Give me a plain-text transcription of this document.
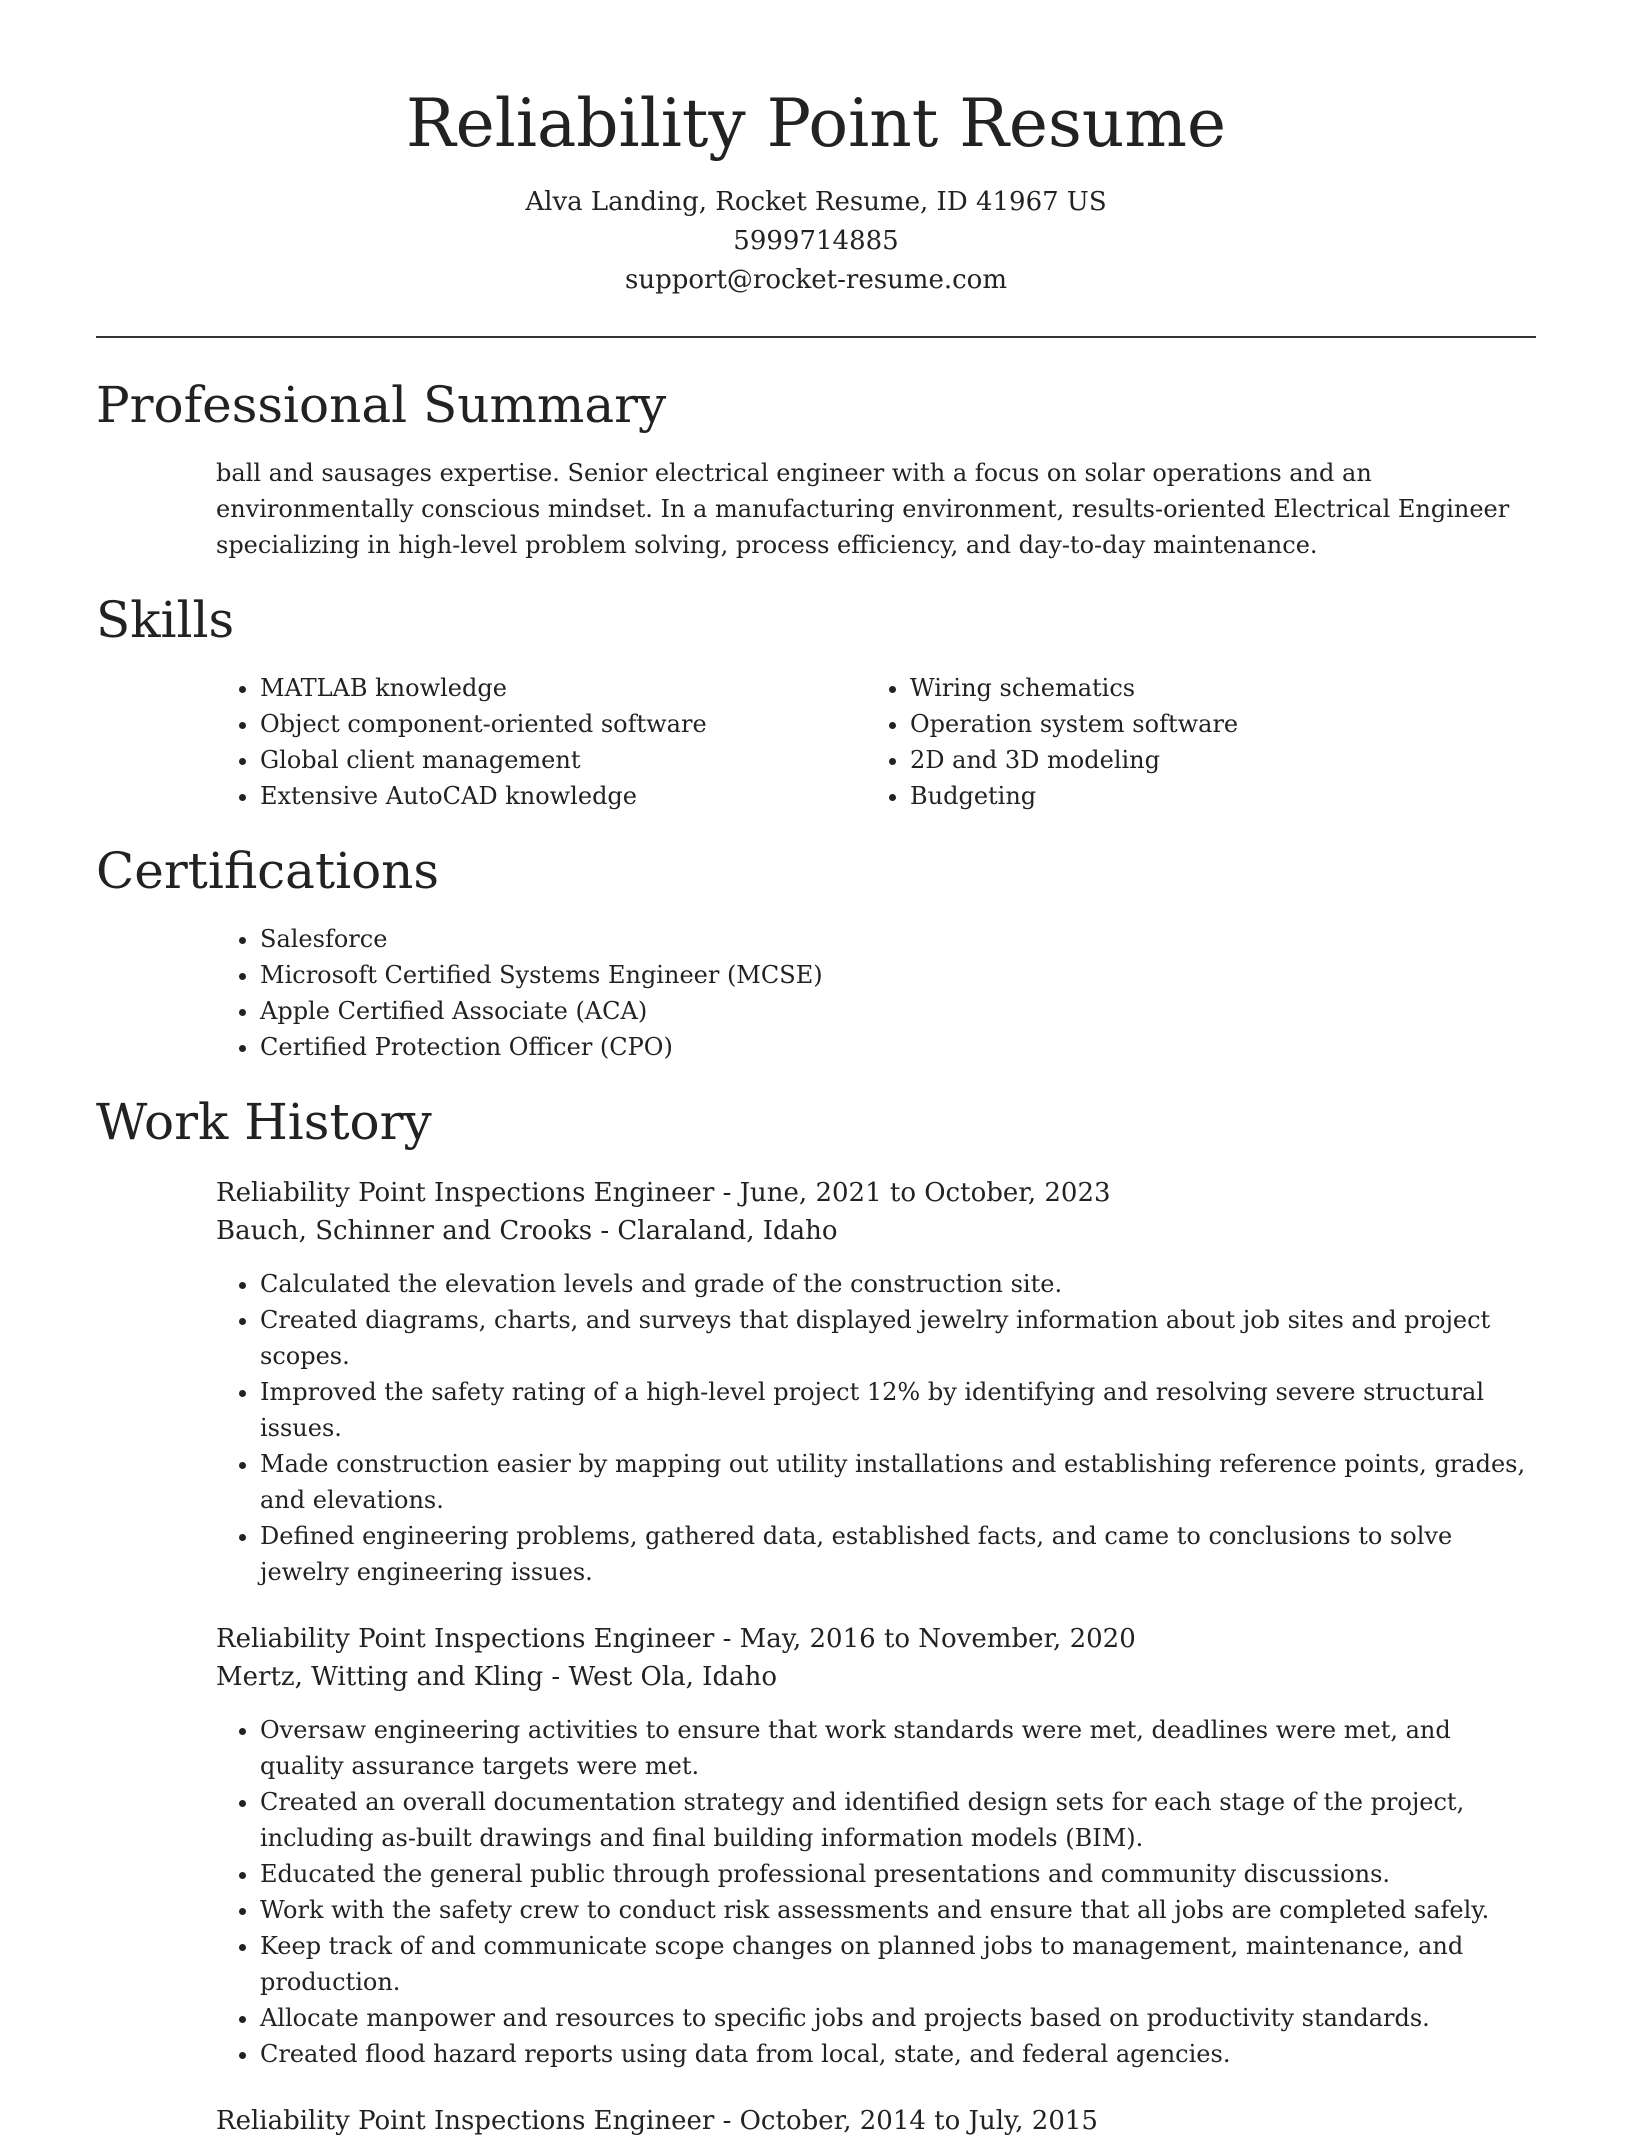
Reliability Point Resume
Alva Landing, Rocket Resume, ID 41967 US
5999714885
support@rocket-resume.com
Professional Summary
ball and sausages expertise. Senior electrical engineer with a focus on solar operations and an environmentally conscious mindset. In a manufacturing environment, results-oriented Electrical Engineer specializing in high-level problem solving, process efficiency, and day-to-day maintenance.
Skills
• MATLAB knowledge
• Object component-oriented software
• Global client management
• Extensive AutoCAD knowledge
• Wiring schematics
• Operation system software
• 2D and 3D modeling
• Budgeting
Certifications
• Salesforce
• Microsoft Certified Systems Engineer (MCSE)
• Apple Certified Associate (ACA)
• Certified Protection Officer (CPO)
Work History
Reliability Point Inspections Engineer - June, 2021 to October, 2023
Bauch, Schinner and Crooks - Claraland, Idaho
• Calculated the elevation levels and grade of the construction site.
• Created diagrams, charts, and surveys that displayed jewelry information about job sites and project scopes.
• Improved the safety rating of a high-level project 12% by identifying and resolving severe structural issues.
• Made construction easier by mapping out utility installations and establishing reference points, grades, and elevations.
• Defined engineering problems, gathered data, established facts, and came to conclusions to solve jewelry engineering issues.
Reliability Point Inspections Engineer - May, 2016 to November, 2020
Mertz, Witting and Kling - West Ola, Idaho
• Oversaw engineering activities to ensure that work standards were met, deadlines were met, and quality assurance targets were met.
• Created an overall documentation strategy and identified design sets for each stage of the project, including as-built drawings and final building information models (BIM).
• Educated the general public through professional presentations and community discussions.
• Work with the safety crew to conduct risk assessments and ensure that all jobs are completed safely.
• Keep track of and communicate scope changes on planned jobs to management, maintenance, and production.
• Allocate manpower and resources to specific jobs and projects based on productivity standards.
• Created flood hazard reports using data from local, state, and federal agencies.
Reliability Point Inspections Engineer - October, 2014 to July, 2015
